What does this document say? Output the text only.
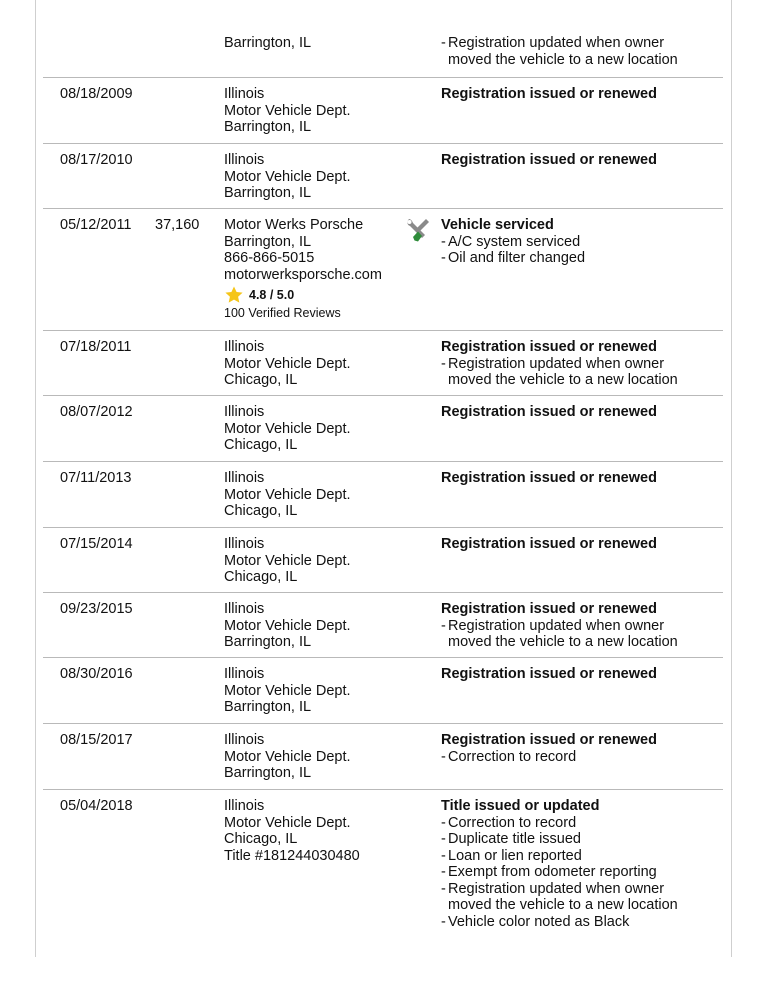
Barrington, IL	- Registration updated when owner moved the vehicle to a new location
08/18/2009	Illinois
Motor Vehicle Dept.
Barrington, IL
Registration issued or renewed
08/17/2010	Illinois
Motor Vehicle Dept.
Barrington, IL
Registration issued or renewed
05/12/2011 37,160 Motor Werks Porsche
Barrington, IL
866-866-5015
motorwerksporsche.com
4.8 / 5.0
100 Verified Reviews
Vehicle serviced
- A/C system serviced
- Oil and filter changed
07/18/2011	Illinois
Motor Vehicle Dept.
Chicago, IL
Registration issued or renewed
- Registration updated when owner moved the vehicle to a new location
08/07/2012	Illinois
Motor Vehicle Dept.
Chicago, IL
Registration issued or renewed
07/11/2013	Illinois
Motor Vehicle Dept.
Chicago, IL
Registration issued or renewed
07/15/2014	Illinois
Motor Vehicle Dept.
Chicago, IL
Registration issued or renewed
09/23/2015	Illinois
Motor Vehicle Dept.
Barrington, IL
Registration issued or renewed
- Registration updated when owner moved the vehicle to a new location
08/30/2016	Illinois
Motor Vehicle Dept.
Barrington, IL
Registration issued or renewed
08/15/2017	Illinois
Motor Vehicle Dept.
Barrington, IL
Registration issued or renewed
- Correction to record
05/04/2018	Illinois
Motor Vehicle Dept.
Chicago, IL
Title #181244030480
Title issued or updated
- Correction to record
- Duplicate title issued
- Loan or lien reported
- Exempt from odometer reporting
- Registration updated when owner moved the vehicle to a new location
- Vehicle color noted as Black
